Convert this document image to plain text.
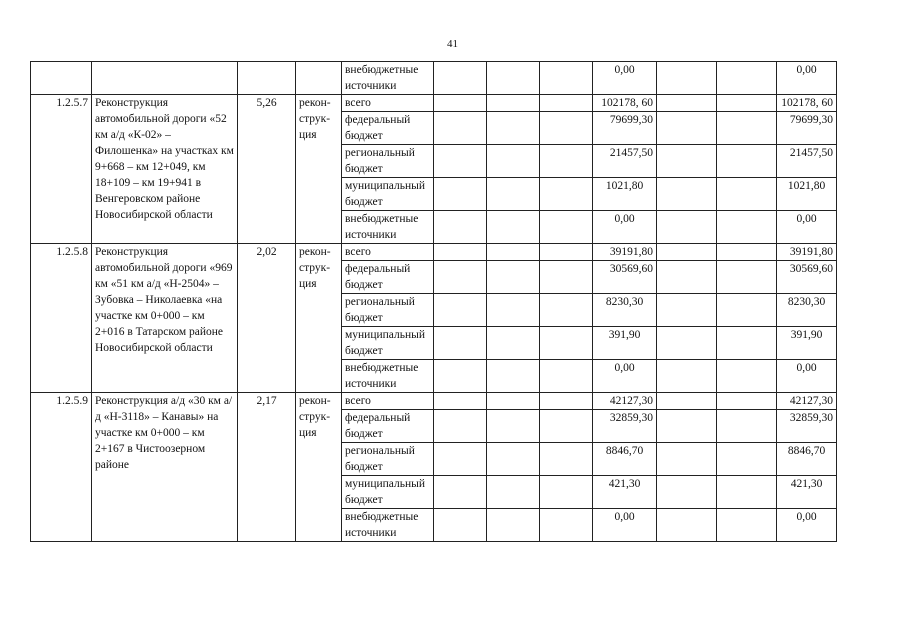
41
				внебюджетные источники				0,00			0,00
1.2.5.7	Реконструкция автомобильной дороги «52 км а/д «К-02» – Филошенка» на участках км 9+668 – км 12+049, км 18+109 – км 19+941 в Венгеровском районе Новосибирской области	5,26	рекон-струк-ция	всего				102178, 60			102178, 60
				федеральный бюджет				79699,30			79699,30
				региональный бюджет				21457,50			21457,50
				муниципальный бюджет				1021,80			1021,80
				внебюджетные источники				0,00			0,00
1.2.5.8	Реконструкция автомобильной дороги «969 км «51 км а/д «Н-2504» – Зубовка – Николаевка «на участке км 0+000 – км 2+016 в Татарском районе Новосибирской области	2,02	рекон-струк-ция	всего				39191,80			39191,80
				федеральный бюджет				30569,60			30569,60
				региональный бюджет				8230,30			8230,30
				муниципальный бюджет				391,90			391,90
				внебюджетные источники				0,00			0,00
1.2.5.9	Реконструкция а/д «30 км а/д «Н-3118» – Канавы» на участке км 0+000 – км 2+167 в Чистоозерном районе	2,17	рекон-струк-ция	всего				42127,30			42127,30
				федеральный бюджет				32859,30			32859,30
				региональный бюджет				8846,70			8846,70
				муниципальный бюджет				421,30			421,30
				внебюджетные источники				0,00			0,00
